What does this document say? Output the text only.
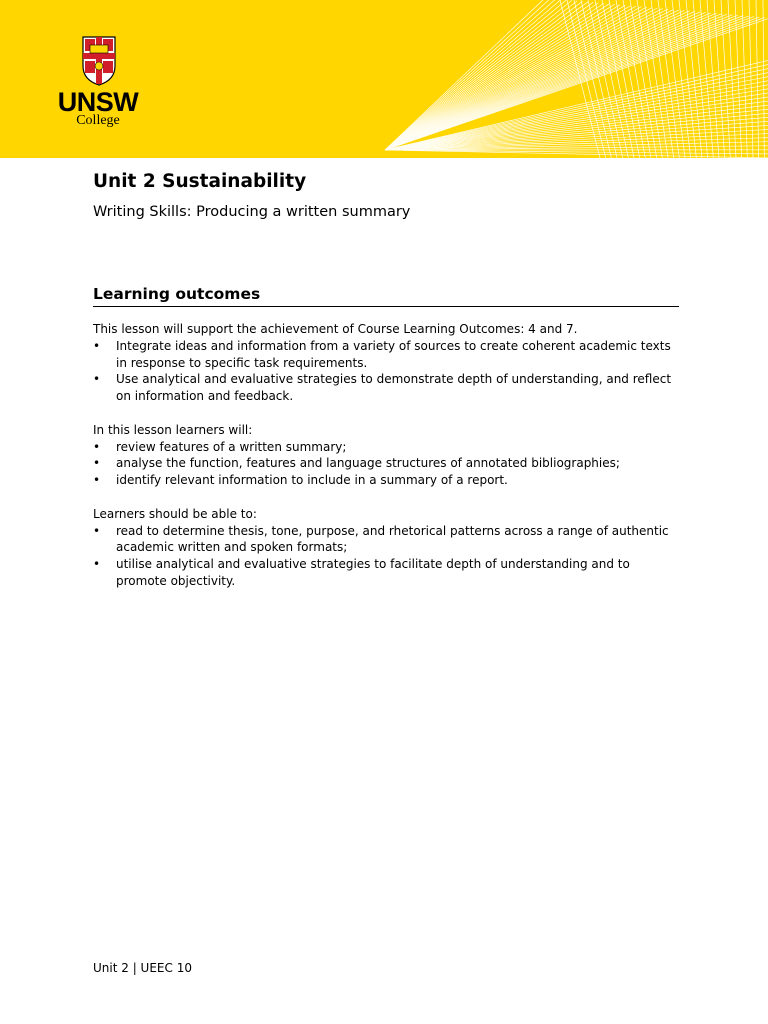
UNSW
College
Unit 2 Sustainability
Writing Skills: Producing a written summary
Learning outcomes

This lesson will support the achievement of Course Learning Outcomes: 4 and 7.

• Integrate ideas and information from a variety of sources to create coherent academic texts in response to specific task requirements.
• Use analytical and evaluative strategies to demonstrate depth of understanding, and reflect on information and feedback.

In this lesson learners will:

• review features of a written summary;
• analyse the function, features and language structures of annotated bibliographies;
• identify relevant information to include in a summary of a report.

Learners should be able to:

• read to determine thesis, tone, purpose, and rhetorical patterns across a range of authentic academic written and spoken formats;
• utilise analytical and evaluative strategies to facilitate depth of understanding and to promote objectivity.
Unit 2 | UEEC 10
